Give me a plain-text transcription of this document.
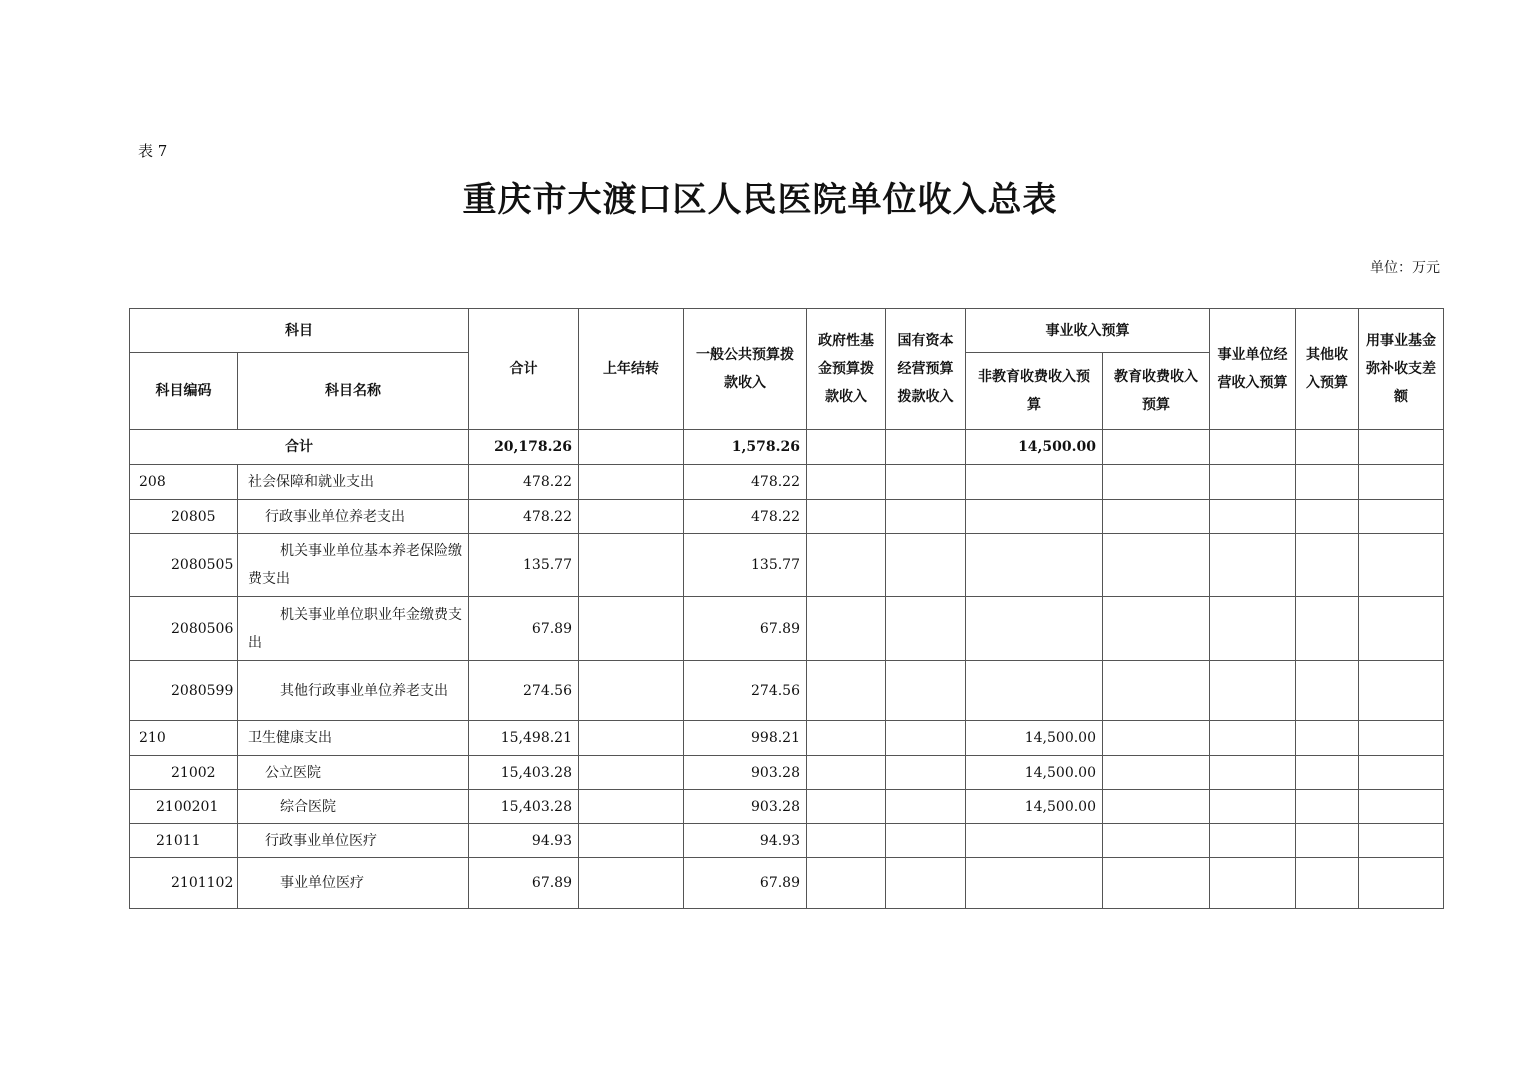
表 7
重庆市大渡口区人民医院单位收入总表
单位：万元
科目		合计	上年结转	一般公共预算拨款收入	政府性基金预算拨款收入	国有资本经营预算拨款收入	事业收入预算		事业单位经营收入预算	其他收入预算	用事业基金弥补收支差额
科目编码	科目名称						非教育收费收入预算	教育收费收入预算			
合计		20,178.26		1,578.26			14,500.00				
208	社会保障和就业支出	478.22		478.22							
20805	行政事业单位养老支出	478.22		478.22							
2080505	机关事业单位基本养老保险缴费支出	135.77		135.77							
2080506	机关事业单位职业年金缴费支出	67.89		67.89							
2080599	其他行政事业单位养老支出	274.56		274.56							
210	卫生健康支出	15,498.21		998.21			14,500.00				
21002	公立医院	15,403.28		903.28			14,500.00				
2100201	综合医院	15,403.28		903.28			14,500.00				
21011	行政事业单位医疗	94.93		94.93							
2101102	事业单位医疗	67.89		67.89							
